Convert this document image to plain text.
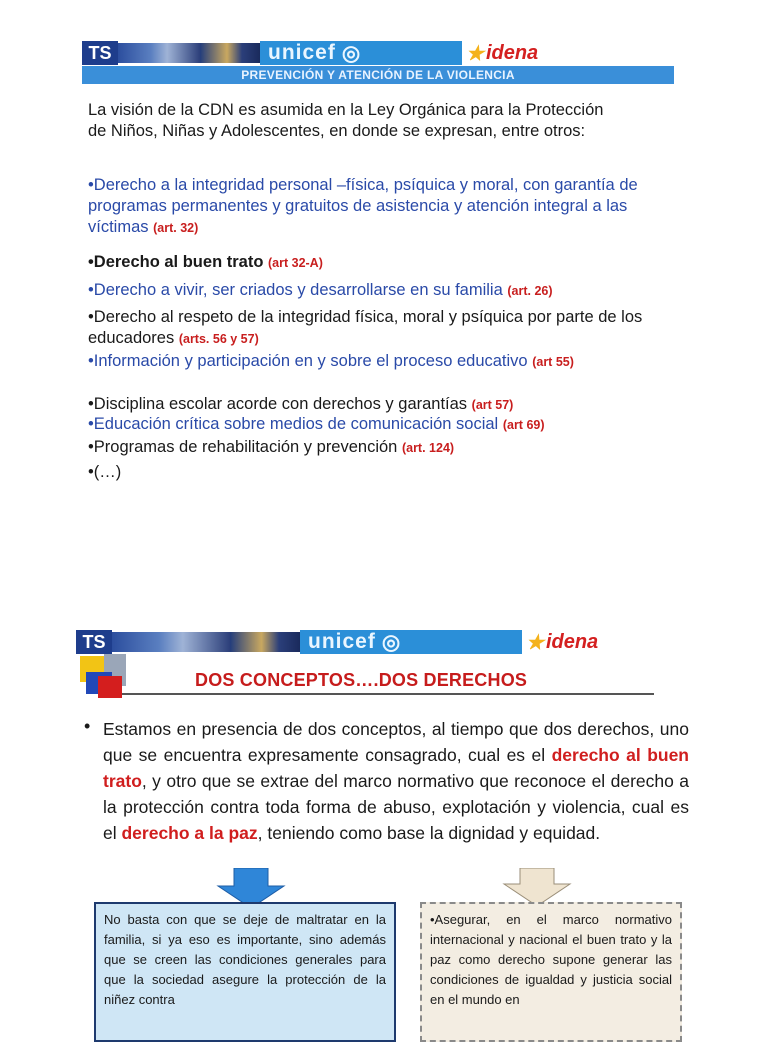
TS	unicef ◎	★ idena
PREVENCIÓN Y ATENCIÓN DE LA VIOLENCIA
La visión de la CDN es asumida en la Ley Orgánica para la Protección de Niños, Niñas y Adolescentes, en donde se expresan, entre otros:
•Derecho a la integridad personal –física, psíquica y moral, con garantía de programas permanentes y gratuitos de asistencia y atención integral a las víctimas (art. 32)
•Derecho al buen trato (art 32-A)
•Derecho a vivir, ser criados y desarrollarse en su familia (art. 26)
•Derecho al respeto de la integridad física, moral y psíquica por parte de los educadores (arts. 56 y 57)
•Información y participación en y sobre el proceso educativo (art 55)
•Disciplina escolar acorde con derechos y garantías (art 57)
•Educación crítica sobre medios de comunicación social (art 69)
•Programas de rehabilitación y prevención (art. 124)
•(…)
TS	unicef ◎	★ idena
DOS CONCEPTOS….DOS DERECHOS
• Estamos en presencia de dos conceptos, al tiempo que dos derechos, uno que se encuentra expresamente consagrado, cual es el derecho al buen trato, y otro que se extrae del marco normativo que reconoce el derecho a la protección contra toda forma de abuso, explotación y violencia, cual es el derecho a la paz, teniendo como base la dignidad y equidad.
No basta con que se deje de maltratar en la familia, si ya eso es importante, sino además que se creen las condiciones generales para que la sociedad asegure la protección de la niñez contra
•Asegurar, en el marco normativo internacional y nacional el buen trato y la paz como derecho supone generar las condiciones de igualdad y justicia social en el mundo en
